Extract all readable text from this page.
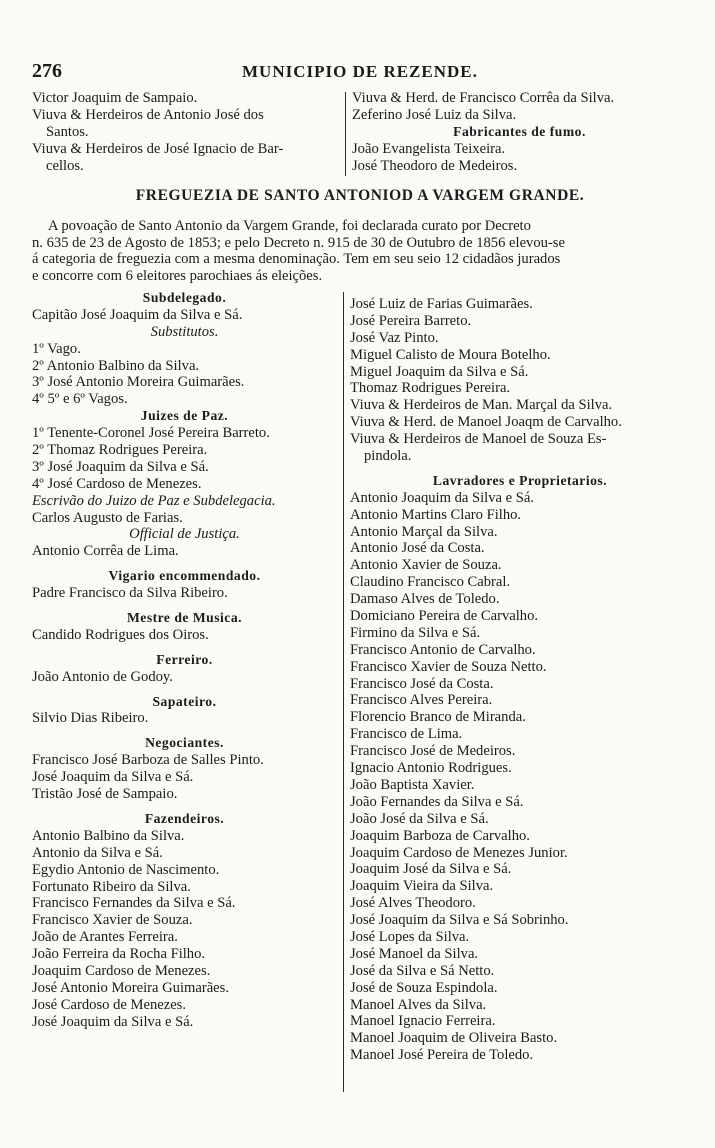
276	MUNICIPIO DE REZENDE.
Victor Joaquim de Sampaio.
Viuva & Herdeiros de Antonio José dos
Santos.
Viuva & Herdeiros de José Ignacio de Bar-
cellos.
Viuva & Herd. de Francisco Corrêa da Silva.
Zeferino José Luiz da Silva.
Fabricantes de fumo.
João Evangelista Teixeira.
José Theodoro de Medeiros.
FREGUEZIA DE SANTO ANTONIOD A VARGEM GRANDE.
A povoação de Santo Antonio da Vargem Grande, foi declarada curato por Decreto
n. 635 de 23 de Agosto de 1853; e pelo Decreto n. 915 de 30 de Outubro de 1856 elevou-se
á categoria de freguezia com a mesma denominação. Tem em seu seio 12 cidadãos jurados
e concorre com 6 eleitores parochiaes ás eleições.
Subdelegado.
Capitão José Joaquim da Silva e Sá.
Substitutos.
1º Vago.
2º Antonio Balbino da Silva.
3º José Antonio Moreira Guimarães.
4º 5º e 6º Vagos.
Juizes de Paz.
1º Tenente-Coronel José Pereira Barreto.
2º Thomaz Rodrigues Pereira.
3º José Joaquim da Silva e Sá.
4º José Cardoso de Menezes.
Escrivão do Juizo de Paz e Subdelegacia.
Carlos Augusto de Farias.
Official de Justiça.
Antonio Corrêa de Lima.
Vigario encommendado.
Padre Francisco da Silva Ribeiro.
Mestre de Musica.
Candido Rodrigues dos Oiros.
Ferreiro.
João Antonio de Godoy.
Sapateiro.
Silvio Dias Ribeiro.
Negociantes.
Francisco José Barboza de Salles Pinto.
José Joaquim da Silva e Sá.
Tristão José de Sampaio.
Fazendeiros.
Antonio Balbino da Silva.
Antonio da Silva e Sá.
Egydio Antonio de Nascimento.
Fortunato Ribeiro da Silva.
Francisco Fernandes da Silva e Sá.
Francisco Xavier de Souza.
João de Arantes Ferreira.
João Ferreira da Rocha Filho.
Joaquim Cardoso de Menezes.
José Antonio Moreira Guimarães.
José Cardoso de Menezes.
José Joaquim da Silva e Sá.
José Luiz de Farias Guimarães.
José Pereira Barreto.
José Vaz Pinto.
Miguel Calisto de Moura Botelho.
Miguel Joaquim da Silva e Sá.
Thomaz Rodrigues Pereira.
Viuva & Herdeiros de Man. Marçal da Silva.
Viuva & Herd. de Manoel Joaqm de Carvalho.
Viuva & Herdeiros de Manoel de Souza Es-
pindola.
Lavradores e Proprietarios.
Antonio Joaquim da Silva e Sá.
Antonio Martins Claro Filho.
Antonio Marçal da Silva.
Antonio José da Costa.
Antonio Xavier de Souza.
Claudino Francisco Cabral.
Damaso Alves de Toledo.
Domiciano Pereira de Carvalho.
Firmino da Silva e Sá.
Francisco Antonio de Carvalho.
Francisco Xavier de Souza Netto.
Francisco José da Costa.
Francisco Alves Pereira.
Florencio Branco de Miranda.
Francisco de Lima.
Francisco José de Medeiros.
Ignacio Antonio Rodrigues.
João Baptista Xavier.
João Fernandes da Silva e Sá.
João José da Silva e Sá.
Joaquim Barboza de Carvalho.
Joaquim Cardoso de Menezes Junior.
Joaquim José da Silva e Sá.
Joaquim Vieira da Silva.
José Alves Theodoro.
José Joaquim da Silva e Sá Sobrinho.
José Lopes da Silva.
José Manoel da Silva.
José da Silva e Sá Netto.
José de Souza Espindola.
Manoel Alves da Silva.
Manoel Ignacio Ferreira.
Manoel Joaquim de Oliveira Basto.
Manoel José Pereira de Toledo.
